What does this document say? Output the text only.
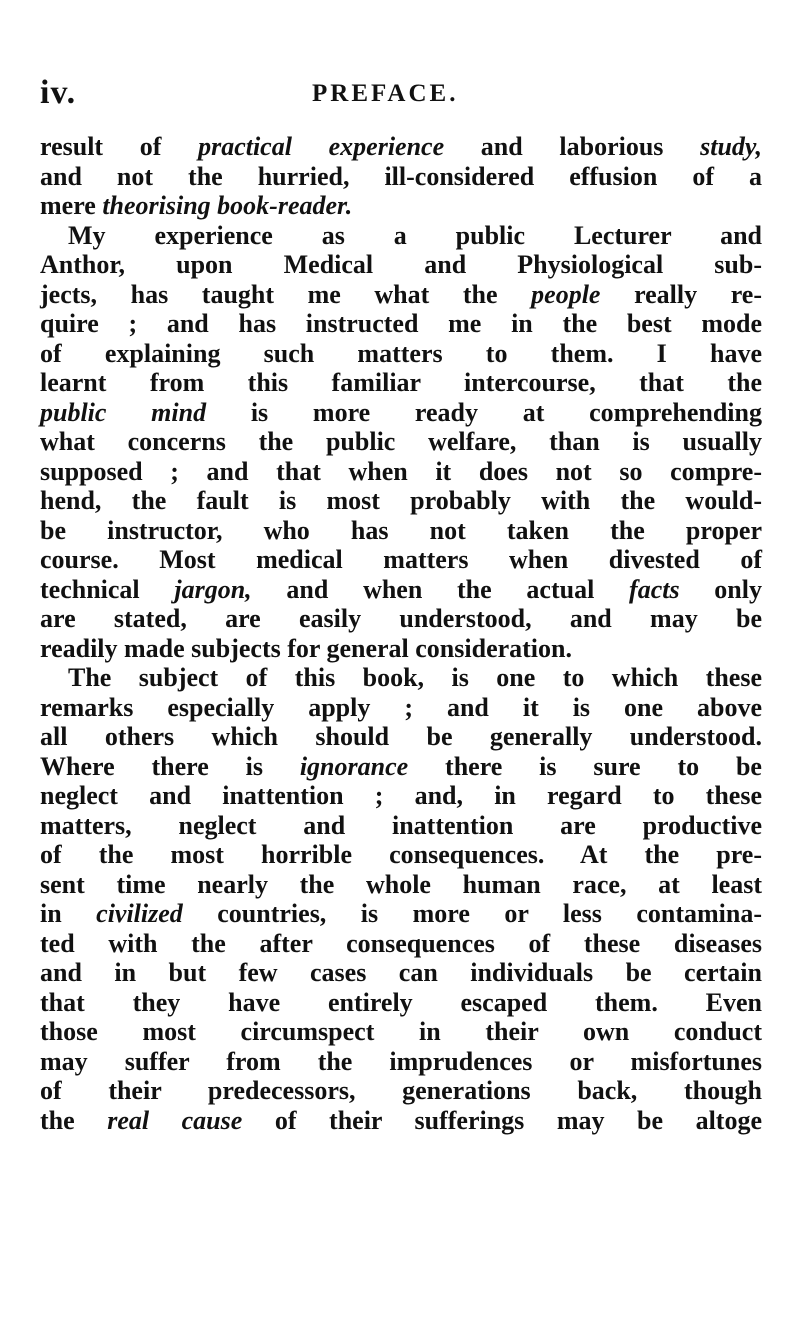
iv.	PREFACE.
result of practical experience and laborious study,
and not the hurried, ill-considered effusion of a
mere theorising book-reader.
My experience as a public Lecturer and
Anthor, upon Medical and Physiological sub-
jects, has taught me what the people really re-
quire ; and has instructed me in the best mode
of explaining such matters to them. I have
learnt from this familiar intercourse, that the
public mind is more ready at comprehending
what concerns the public welfare, than is usually
supposed ; and that when it does not so compre-
hend, the fault is most probably with the would-
be instructor, who has not taken the proper
course. Most medical matters when divested of
technical jargon, and when the actual facts only
are stated, are easily understood, and may be
readily made subjects for general consideration.
The subject of this book, is one to which these
remarks especially apply ; and it is one above
all others which should be generally understood.
Where there is ignorance there is sure to be
neglect and inattention ; and, in regard to these
matters, neglect and inattention are productive
of the most horrible consequences. At the pre-
sent time nearly the whole human race, at least
in civilized countries, is more or less contamina-
ted with the after consequences of these diseases
and in but few cases can individuals be certain
that they have entirely escaped them. Even
those most circumspect in their own conduct
may suffer from the imprudences or misfortunes
of their predecessors, generations back, though
the real cause of their sufferings may be altoge
